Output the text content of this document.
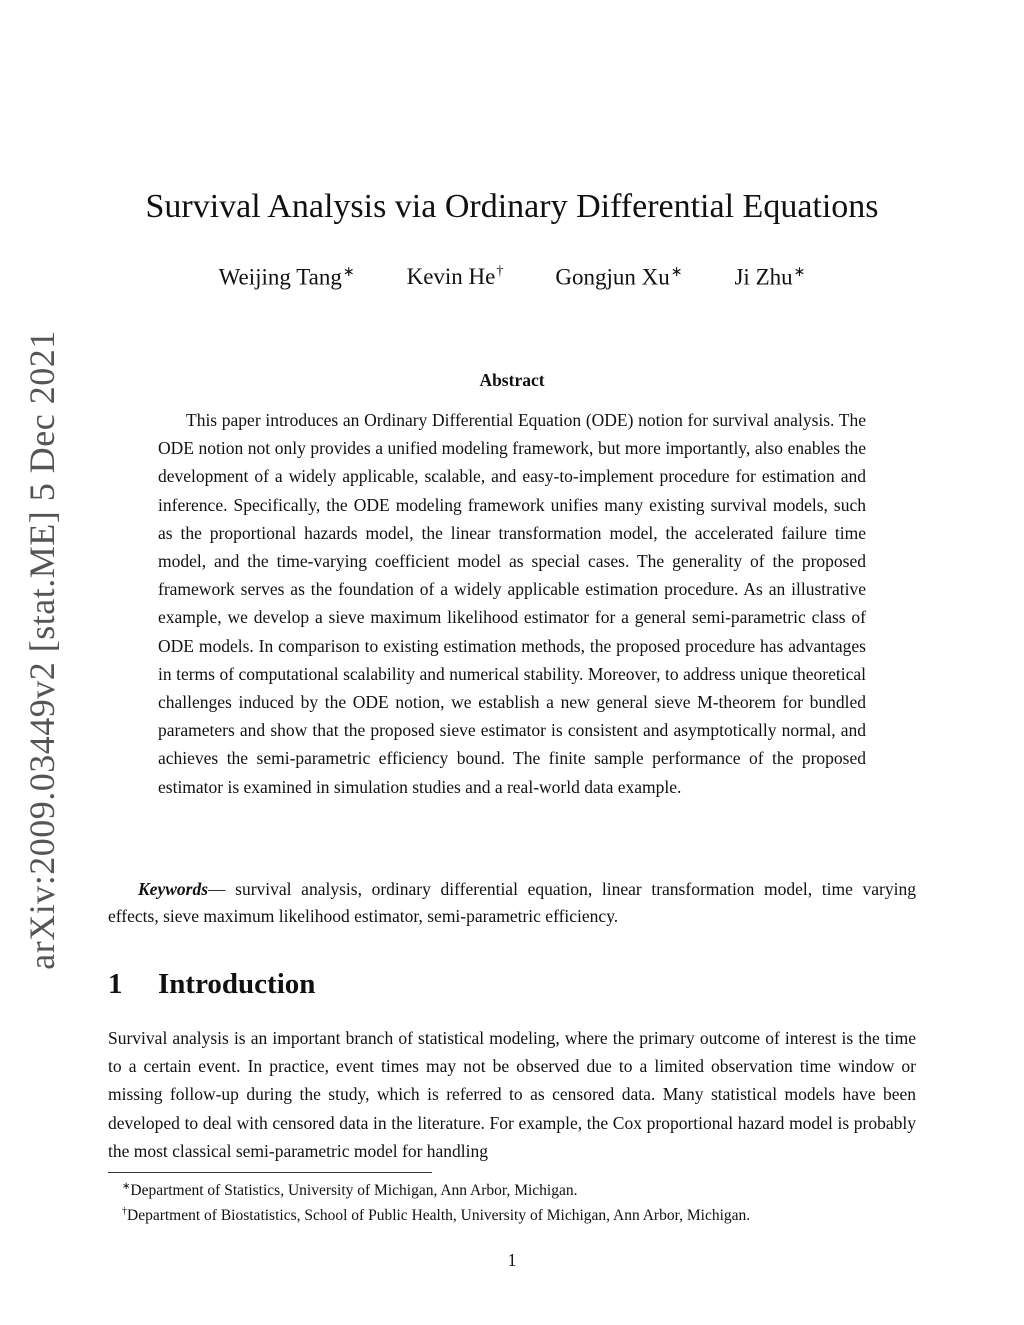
arXiv:2009.03449v2 [stat.ME] 5 Dec 2021
Survival Analysis via Ordinary Differential Equations
Weijing Tang∗ Kevin He† Gongjun Xu∗ Ji Zhu∗
Abstract

This paper introduces an Ordinary Differential Equation (ODE) notion for survival analysis. The ODE notion not only provides a unified modeling framework, but more importantly, also enables the development of a widely applicable, scalable, and easy-to-implement procedure for estimation and inference. Specifically, the ODE modeling framework unifies many existing survival models, such as the proportional hazards model, the linear transformation model, the accelerated failure time model, and the time-varying coefficient model as special cases. The generality of the proposed framework serves as the foundation of a widely applicable estimation procedure. As an illustrative example, we develop a sieve maximum likelihood estimator for a general semi-parametric class of ODE models. In comparison to existing estimation methods, the proposed procedure has advantages in terms of computational scalability and numerical stability. Moreover, to address unique theoretical challenges induced by the ODE notion, we establish a new general sieve M-theorem for bundled parameters and show that the proposed sieve estimator is consistent and asymptotically normal, and achieves the semi-parametric efficiency bound. The finite sample performance of the proposed estimator is examined in simulation studies and a real-world data example.

Keywords— survival analysis, ordinary differential equation, linear transformation model, time varying effects, sieve maximum likelihood estimator, semi-parametric efficiency.

1 Introduction

Survival analysis is an important branch of statistical modeling, where the primary outcome of interest is the time to a certain event. In practice, event times may not be observed due to a limited observation time window or missing follow-up during the study, which is referred to as censored data. Many statistical models have been developed to deal with censored data in the literature. For example, the Cox proportional hazard model is probably the most classical semi-parametric model for handling

∗Department of Statistics, University of Michigan, Ann Arbor, Michigan.
†Department of Biostatistics, School of Public Health, University of Michigan, Ann Arbor, Michigan.
1
